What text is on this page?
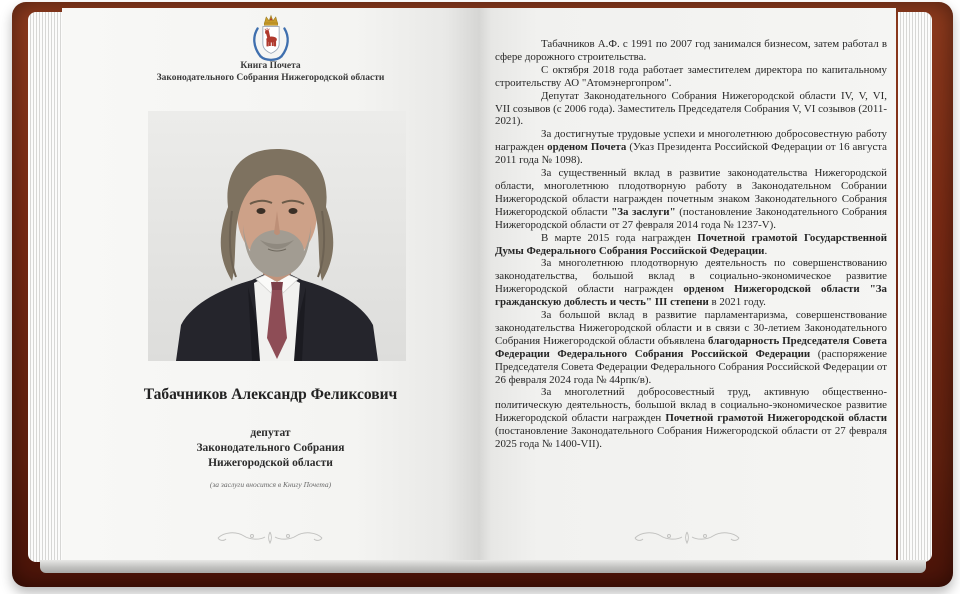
Книга Почета
Законодательного Собрания Нижегородской области
Табачников Александр Феликсович
депутат
Законодательного Собрания
Нижегородской области
(за заслуги вносится в Книгу Почета)

Табачников А.Ф. с 1991 по 2007 год занимался бизнесом, затем работал в сфере дорожного строительства.

С октября 2018 года работает заместителем директора по капитальному строительству АО "Атомэнергопром".

Депутат Законодательного Собрания Нижегородской области IV, V, VI, VII созывов (с 2006 года). Заместитель Председателя Собрания V, VI созывов (2011-2021).

За достигнутые трудовые успехи и многолетнюю добросовестную работу награжден орденом Почета (Указ Президента Российской Федерации от 16 августа 2011 года № 1098).

За существенный вклад в развитие законодательства Нижегородской области, многолетнюю плодотворную работу в Законодательном Собрании Нижегородской области награжден почетным знаком Законодательного Собрания Нижегородской области "За заслуги" (постановление Законодательного Собрания Нижегородской области от 27 февраля 2014 года № 1237-V).

В марте 2015 года награжден Почетной грамотой Государственной Думы Федерального Собрания Российской Федерации.

За многолетнюю плодотворную деятельность по совершенствованию законодательства, большой вклад в социально-экономическое развитие Нижегородской области награжден орденом Нижегородской области "За гражданскую доблесть и честь" III степени в 2021 году.

За большой вклад в развитие парламентаризма, совершенствование законодательства Нижегородской области и в связи с 30-летием Законодательного Собрания Нижегородской области объявлена благодарность Председателя Совета Федерации Федерального Собрания Российской Федерации (распоряжение Председателя Совета Федерации Федерального Собрания Российской Федерации от 26 февраля 2024 года № 44рпк/в).

За многолетний добросовестный труд, активную общественно-политическую деятельность, большой вклад в социально-экономическое развитие Нижегородской области награжден Почетной грамотой Нижегородской области (постановление Законодательного Собрания Нижегородской области от 27 февраля 2025 года № 1400-VII).
